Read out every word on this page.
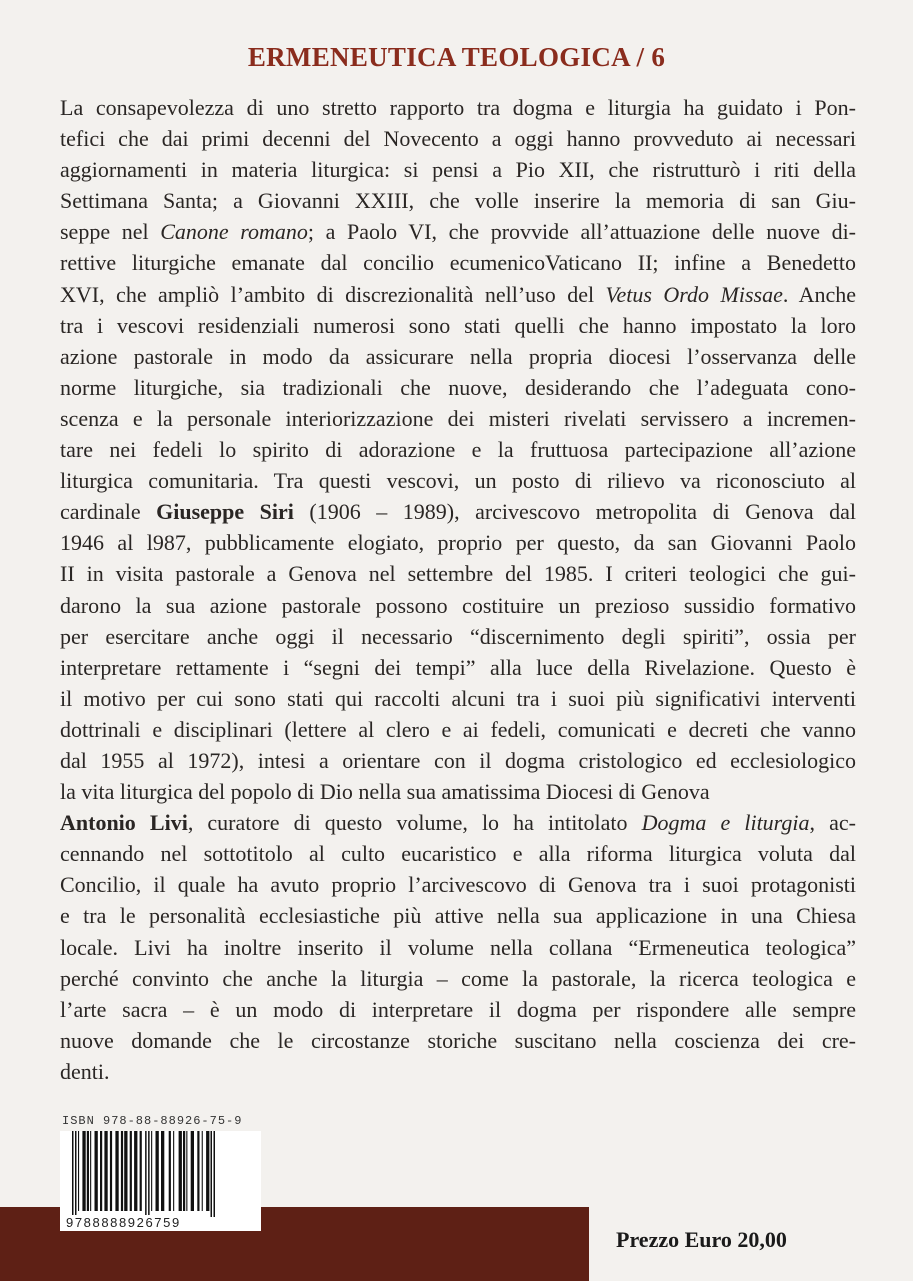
ERMENEUTICA TEOLOGICA / 6
La consapevolezza di uno stretto rapporto tra dogma e liturgia ha guidato i Pon-
tefici che dai primi decenni del Novecento a oggi hanno provveduto ai necessari
aggiornamenti in materia liturgica: si pensi a Pio XII, che ristrutturò i riti della
Settimana Santa; a Giovanni XXIII, che volle inserire la memoria di san Giu-
seppe nel Canone romano; a Paolo VI, che provvide all’attuazione delle nuove di-
rettive liturgiche emanate dal concilio ecumenicoVaticano II; infine a Benedetto
XVI, che ampliò l’ambito di discrezionalità nell’uso del Vetus Ordo Missae. Anche
tra i vescovi residenziali numerosi sono stati quelli che hanno impostato la loro
azione pastorale in modo da assicurare nella propria diocesi l’osservanza delle
norme liturgiche, sia tradizionali che nuove, desiderando che l’adeguata cono-
scenza e la personale interiorizzazione dei misteri rivelati servissero a incremen-
tare nei fedeli lo spirito di adorazione e la fruttuosa partecipazione all’azione
liturgica comunitaria. Tra questi vescovi, un posto di rilievo va riconosciuto al
cardinale Giuseppe Siri (1906 – 1989), arcivescovo metropolita di Genova dal
1946 al l987, pubblicamente elogiato, proprio per questo, da san Giovanni Paolo
II in visita pastorale a Genova nel settembre del 1985. I criteri teologici che gui-
darono la sua azione pastorale possono costituire un prezioso sussidio formativo
per esercitare anche oggi il necessario “discernimento degli spiriti”, ossia per
interpretare rettamente i “segni dei tempi” alla luce della Rivelazione. Questo è
il motivo per cui sono stati qui raccolti alcuni tra i suoi più significativi interventi
dottrinali e disciplinari (lettere al clero e ai fedeli, comunicati e decreti che vanno
dal 1955 al 1972), intesi a orientare con il dogma cristologico ed ecclesiologico
la vita liturgica del popolo di Dio nella sua amatissima Diocesi di Genova
Antonio Livi, curatore di questo volume, lo ha intitolato Dogma e liturgia, ac-
cennando nel sottotitolo al culto eucaristico e alla riforma liturgica voluta dal
Concilio, il quale ha avuto proprio l’arcivescovo di Genova tra i suoi protagonisti
e tra le personalità ecclesiastiche più attive nella sua applicazione in una Chiesa
locale. Livi ha inoltre inserito il volume nella collana “Ermeneutica teologica”
perché convinto che anche la liturgia – come la pastorale, la ricerca teologica e
l’arte sacra – è un modo di interpretare il dogma per rispondere alle sempre
nuove domande che le circostanze storiche suscitano nella coscienza dei cre-
denti.
Prezzo Euro 20,00
ISBN 978-88-88926-75-9
9788888926759
